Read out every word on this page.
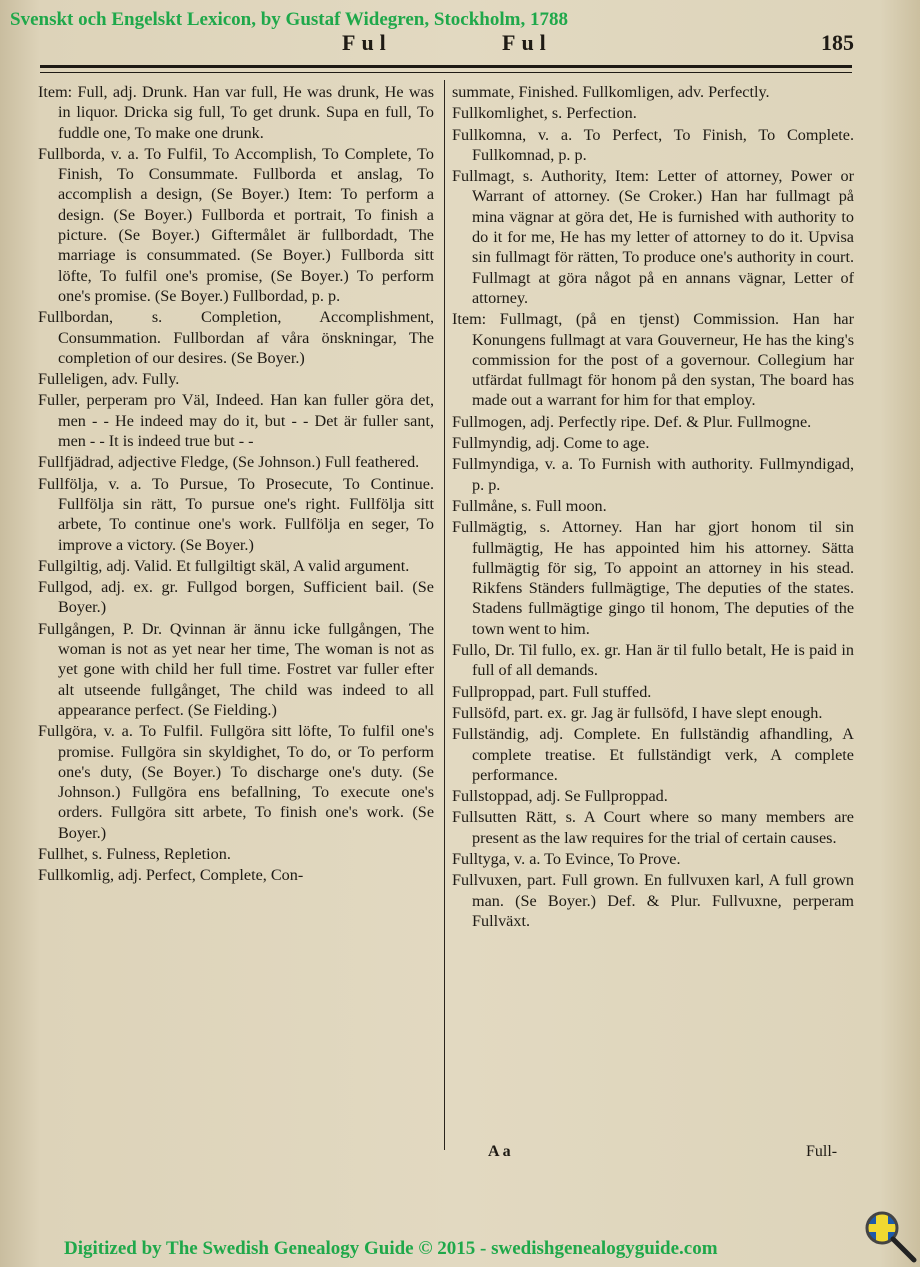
Svenskt och Engelskt Lexicon, by Gustaf Widegren, Stockholm, 1788
Ful	Ful	185

Item: Full, adj. Drunk. Han var full, He was drunk, He was in liquor. Dricka sig full, To get drunk. Supa en full, To fuddle one, To make one drunk.

Fullborda, v. a. To Fulfil, To Accomplish, To Complete, To Finish, To Consummate. Fullborda et anslag, To accomplish a design, (Se Boyer.) Item: To perform a design. (Se Boyer.) Fullborda et portrait, To finish a picture. (Se Boyer.) Giftermålet är fullbordadt, The marriage is consummated. (Se Boyer.) Fullborda sitt löfte, To fulfil one's promise, (Se Boyer.) To perform one's promise. (Se Boyer.) Fullbordad, p. p.

Fullbordan, s. Completion, Accomplishment, Consummation. Fullbordan af våra önskningar, The completion of our desires. (Se Boyer.)

Fulleligen, adv. Fully.

Fuller, perperam pro Väl, Indeed. Han kan fuller göra det, men - - He indeed may do it, but - - Det är fuller sant, men - - It is indeed true but - -

Fullfjädrad, adjective Fledge, (Se Johnson.) Full feathered.

Fullfölja, v. a. To Pursue, To Prosecute, To Continue. Fullfölja sin rätt, To pursue one's right. Fullfölja sitt arbete, To continue one's work. Fullfölja en seger, To improve a victory. (Se Boyer.)

Fullgiltig, adj. Valid. Et fullgiltigt skäl, A valid argument.

Fullgod, adj. ex. gr. Fullgod borgen, Sufficient bail. (Se Boyer.)

Fullgången, P. Dr. Qvinnan är ännu icke fullgången, The woman is not as yet near her time, The woman is not as yet gone with child her full time. Fostret var fuller efter alt utseende fullgånget, The child was indeed to all appearance perfect. (Se Fielding.)

Fullgöra, v. a. To Fulfil. Fullgöra sitt löfte, To fulfil one's promise. Fullgöra sin skyldighet, To do, or To perform one's duty, (Se Boyer.) To discharge one's duty. (Se Johnson.) Fullgöra ens befallning, To execute one's orders. Fullgöra sitt arbete, To finish one's work. (Se Boyer.)

Fullhet, s. Fulness, Repletion.

Fullkomlig, adj. Perfect, Complete, Con-

summate, Finished. Fullkomligen, adv. Perfectly.

Fullkomlighet, s. Perfection.

Fullkomna, v. a. To Perfect, To Finish, To Complete. Fullkomnad, p. p.

Fullmagt, s. Authority, Item: Letter of attorney, Power or Warrant of attorney. (Se Croker.) Han har fullmagt på mina vägnar at göra det, He is furnished with authority to do it for me, He has my letter of attorney to do it. Upvisa sin fullmagt för rätten, To produce one's authority in court. Fullmagt at göra något på en annans vägnar, Letter of attorney.

Item: Fullmagt, (på en tjenst) Commission. Han har Konungens fullmagt at vara Gouverneur, He has the king's commission for the post of a governour. Collegium har utfärdat fullmagt för honom på den systan, The board has made out a warrant for him for that employ.

Fullmogen, adj. Perfectly ripe. Def. & Plur. Fullmogne.

Fullmyndig, adj. Come to age.

Fullmyndiga, v. a. To Furnish with authority. Fullmyndigad, p. p.

Fullmåne, s. Full moon.

Fullmägtig, s. Attorney. Han har gjort honom til sin fullmägtig, He has appointed him his attorney. Sätta fullmägtig för sig, To appoint an attorney in his stead. Rikfens Ständers fullmägtige, The deputies of the states. Stadens fullmägtige gingo til honom, The deputies of the town went to him.

Fullo, Dr. Til fullo, ex. gr. Han är til fullo betalt, He is paid in full of all demands.

Fullproppad, part. Full stuffed.

Fullsöfd, part. ex. gr. Jag är fullsöfd, I have slept enough.

Fullständig, adj. Complete. En fullständig afhandling, A complete treatise. Et fullständigt verk, A complete performance.

Fullstoppad, adj. Se Fullproppad.

Fullsutten Rätt, s. A Court where so many members are present as the law requires for the trial of certain causes.

Fulltyga, v. a. To Evince, To Prove.

Fullvuxen, part. Full grown. En fullvuxen karl, A full grown man. (Se Boyer.) Def. & Plur. Fullvuxne, perperam Fullväxt.

A a	Full-
Digitized by The Swedish Genealogy Guide © 2015 - swedishgenealogyguide.com
